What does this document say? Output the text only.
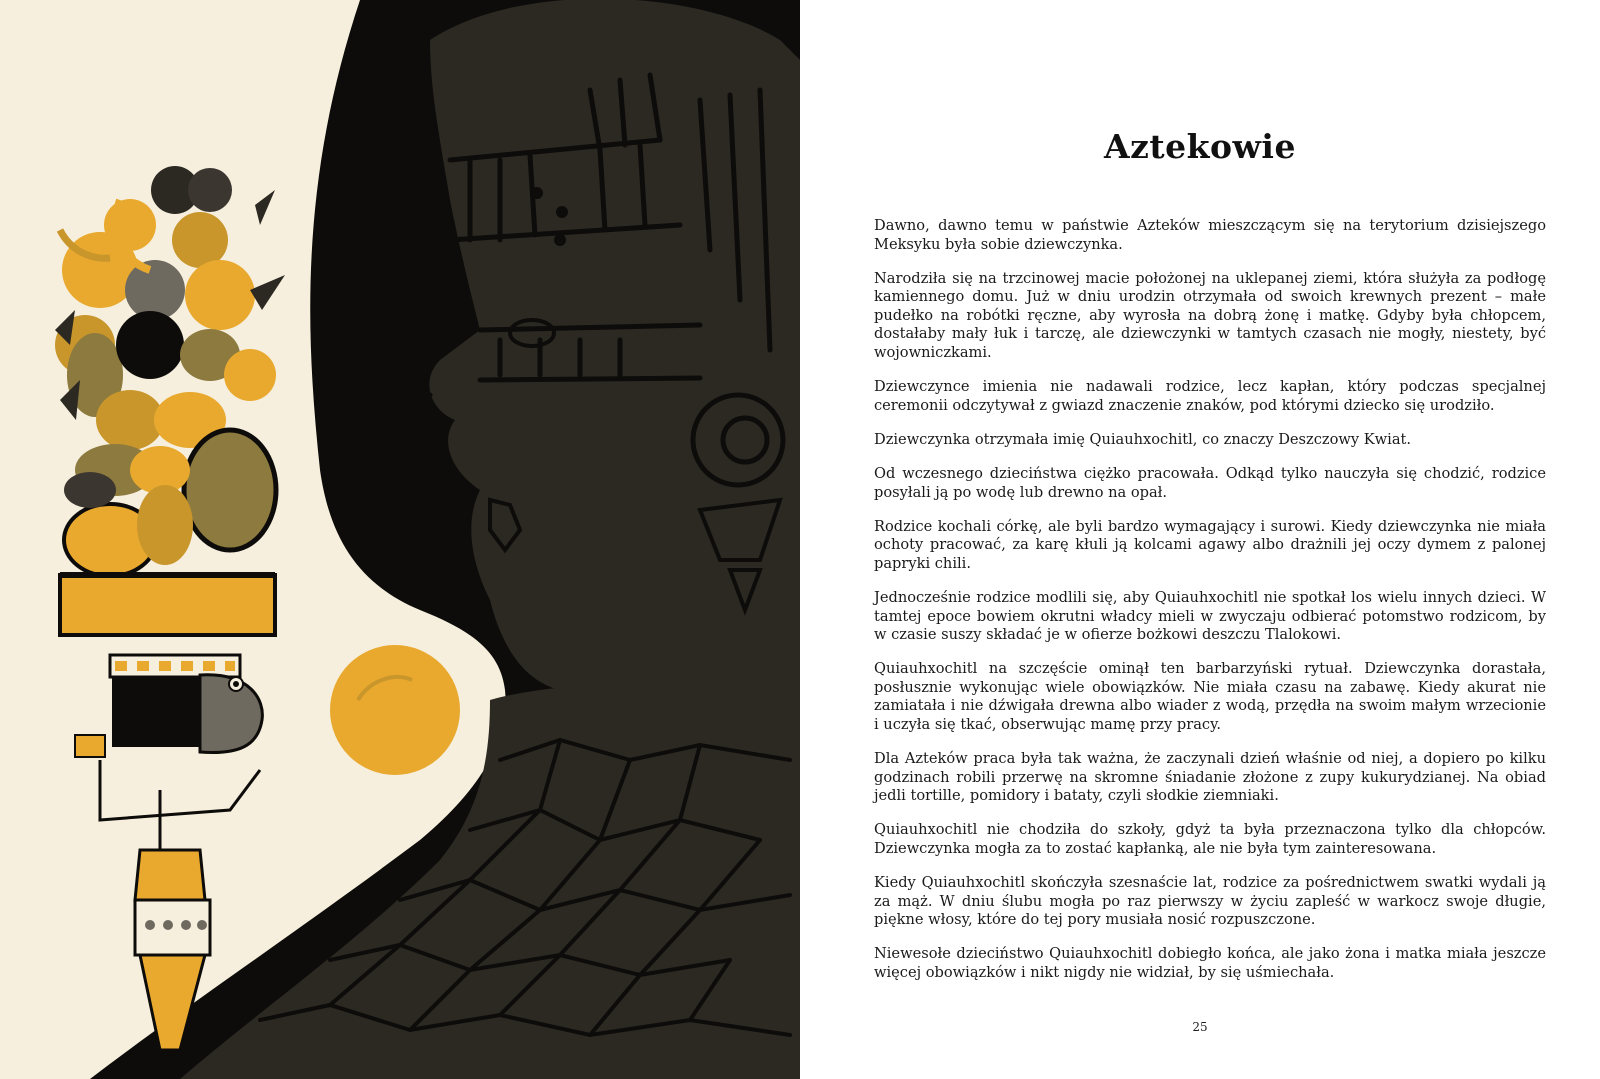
Aztekowie

Dawno, dawno temu w państwie Azteków mieszczącym się na terytorium dzisiejszego Meksyku była sobie dziewczynka.

Narodziła się na trzcinowej macie położonej na uklepanej ziemi, która służyła za podłogę kamiennego domu. Już w dniu urodzin otrzymała od swoich krewnych prezent – małe pudełko na robótki ręczne, aby wyrosła na dobrą żonę i matkę. Gdyby była chłopcem, dostałaby mały łuk i tarczę, ale dziewczynki w tamtych czasach nie mogły, niestety, być wojowniczkami.

Dziewczynce imienia nie nadawali rodzice, lecz kapłan, który podczas specjalnej ceremonii odczytywał z gwiazd znaczenie znaków, pod którymi dziecko się urodziło.

Dziewczynka otrzymała imię Quiauhxochitl, co znaczy Deszczowy Kwiat.

Od wczesnego dzieciństwa ciężko pracowała. Odkąd tylko nauczyła się chodzić, rodzice posyłali ją po wodę lub drewno na opał.

Rodzice kochali córkę, ale byli bardzo wymagający i surowi. Kiedy dziewczynka nie miała ochoty pracować, za karę kłuli ją kolcami agawy albo drażnili jej oczy dymem z palonej papryki chili.

Jednocześnie rodzice modlili się, aby Quiauhxochitl nie spotkał los wielu innych dzieci. W tamtej epoce bowiem okrutni władcy mieli w zwyczaju odbierać potomstwo rodzicom, by w czasie suszy składać je w ofierze bożkowi deszczu Tlalokowi.

Quiauhxochitl na szczęście ominął ten barbarzyński rytuał. Dziewczynka dorastała, posłusznie wykonując wiele obowiązków. Nie miała czasu na zabawę. Kiedy akurat nie zamiatała i nie dźwigała drewna albo wiader z wodą, przędła na swoim małym wrzecionie i uczyła się tkać, obserwując mamę przy pracy.

Dla Azteków praca była tak ważna, że zaczynali dzień właśnie od niej, a dopiero po kilku godzinach robili przerwę na skromne śniadanie złożone z zupy kukurydzianej. Na obiad jedli tortille, pomidory i bataty, czyli słodkie ziemniaki.

Quiauhxochitl nie chodziła do szkoły, gdyż ta była przeznaczona tylko dla chłopców. Dziewczynka mogła za to zostać kapłanką, ale nie była tym zainteresowana.

Kiedy Quiauhxochitl skończyła szesnaście lat, rodzice za pośrednictwem swatki wydali ją za mąż. W dniu ślubu mogła po raz pierwszy w życiu zapleść w warkocz swoje długie, piękne włosy, które do tej pory musiała nosić rozpuszczone.

Niewesołe dzieciństwo Quiauhxochitl dobiegło końca, ale jako żona i matka miała jeszcze więcej obowiązków i nikt nigdy nie widział, by się uśmiechała.

25
